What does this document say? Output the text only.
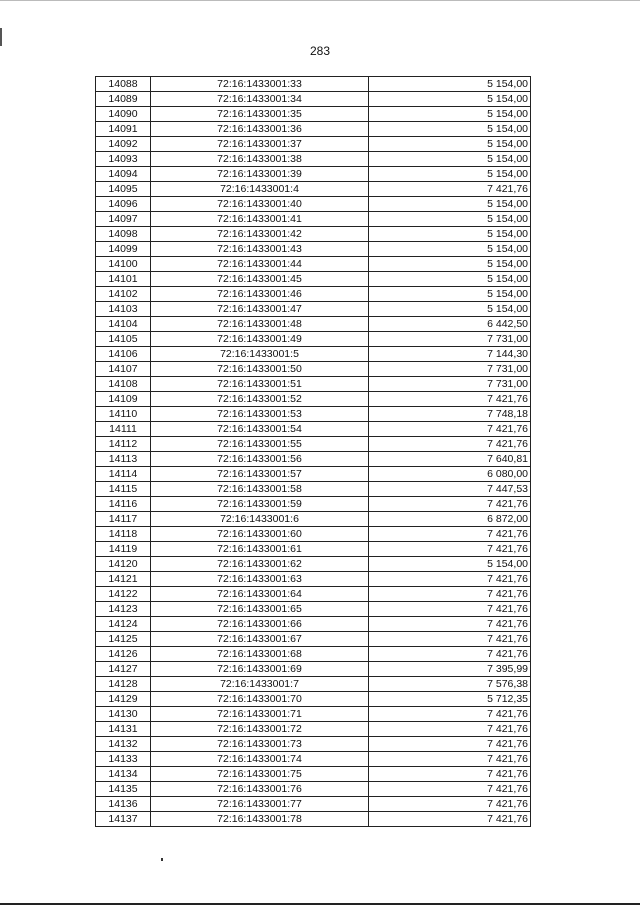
283
14088	72:16:1433001:33	5 154,00
14089	72:16:1433001:34	5 154,00
14090	72:16:1433001:35	5 154,00
14091	72:16:1433001:36	5 154,00
14092	72:16:1433001:37	5 154,00
14093	72:16:1433001:38	5 154,00
14094	72:16:1433001:39	5 154,00
14095	72:16:1433001:4	7 421,76
14096	72:16:1433001:40	5 154,00
14097	72:16:1433001:41	5 154,00
14098	72:16:1433001:42	5 154,00
14099	72:16:1433001:43	5 154,00
14100	72:16:1433001:44	5 154,00
14101	72:16:1433001:45	5 154,00
14102	72:16:1433001:46	5 154,00
14103	72:16:1433001:47	5 154,00
14104	72:16:1433001:48	6 442,50
14105	72:16:1433001:49	7 731,00
14106	72:16:1433001:5	7 144,30
14107	72:16:1433001:50	7 731,00
14108	72:16:1433001:51	7 731,00
14109	72:16:1433001:52	7 421,76
14110	72:16:1433001:53	7 748,18
14111	72:16:1433001:54	7 421,76
14112	72:16:1433001:55	7 421,76
14113	72:16:1433001:56	7 640,81
14114	72:16:1433001:57	6 080,00
14115	72:16:1433001:58	7 447,53
14116	72:16:1433001:59	7 421,76
14117	72:16:1433001:6	6 872,00
14118	72:16:1433001:60	7 421,76
14119	72:16:1433001:61	7 421,76
14120	72:16:1433001:62	5 154,00
14121	72:16:1433001:63	7 421,76
14122	72:16:1433001:64	7 421,76
14123	72:16:1433001:65	7 421,76
14124	72:16:1433001:66	7 421,76
14125	72:16:1433001:67	7 421,76
14126	72:16:1433001:68	7 421,76
14127	72:16:1433001:69	7 395,99
14128	72:16:1433001:7	7 576,38
14129	72:16:1433001:70	5 712,35
14130	72:16:1433001:71	7 421,76
14131	72:16:1433001:72	7 421,76
14132	72:16:1433001:73	7 421,76
14133	72:16:1433001:74	7 421,76
14134	72:16:1433001:75	7 421,76
14135	72:16:1433001:76	7 421,76
14136	72:16:1433001:77	7 421,76
14137	72:16:1433001:78	7 421,76
